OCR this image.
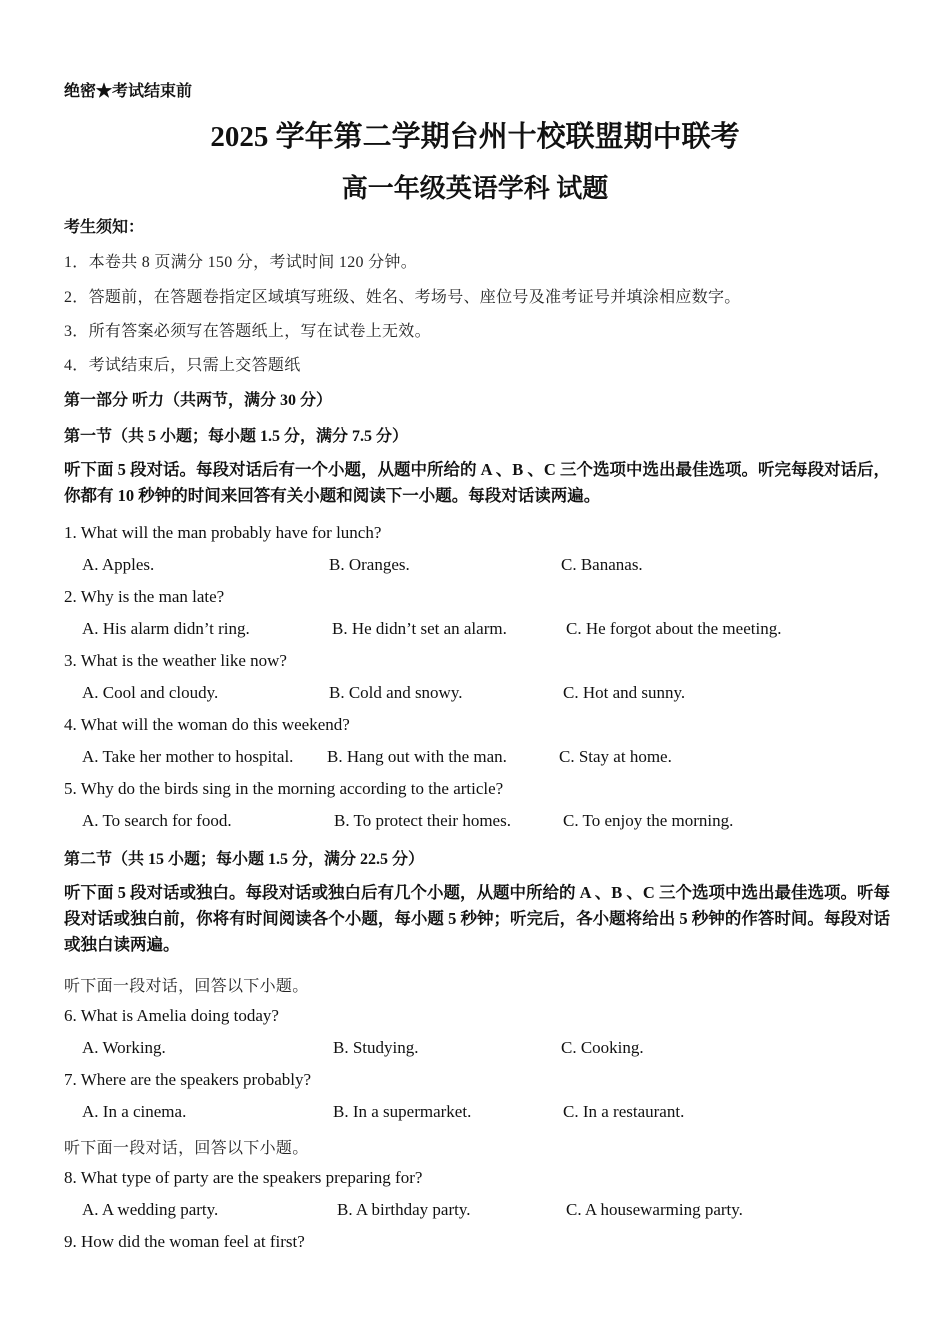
绝密★考试结束前
2025 学年第二学期台州十校联盟期中联考
高一年级英语学科 试题
考生须知：
1．本卷共 8 页满分 150 分，考试时间 120 分钟。
2．答题前，在答题卷指定区域填写班级、姓名、考场号、座位号及准考证号并填涂相应数字。
3．所有答案必须写在答题纸上，写在试卷上无效。
4．考试结束后，只需上交答题纸
第一部分 听力（共两节，满分 30 分）
第一节（共 5 小题；每小题 1.5 分，满分 7.5 分）
听下面 5 段对话。每段对话后有一个小题，从题中所给的 A 、B 、C 三个选项中选出最佳选项。听完每段对话后，你都有 10 秒钟的时间来回答有关小题和阅读下一小题。每段对话读两遍。
1. What will the man probably have for lunch?
A. Apples.	B. Oranges.	C. Bananas.
2. Why is the man late?
A. His alarm didn’t ring.	B. He didn’t set an alarm.	C. He forgot about the meeting.
3. What is the weather like now?
A. Cool and cloudy.	B. Cold and snowy.	C. Hot and sunny.
4. What will the woman do this weekend?
A. Take her mother to hospital. B. Hang out with the man.	C. Stay at home.
5. Why do the birds sing in the morning according to the article?
A. To search for food.	B. To protect their homes.	C. To enjoy the morning.
第二节（共 15 小题；每小题 1.5 分，满分 22.5 分）
听下面 5 段对话或独白。每段对话或独白后有几个小题，从题中所给的 A 、B 、C 三个选项中选出最佳选项。听每段对话或独白前，你将有时间阅读各个小题，每小题 5 秒钟；听完后，各小题将给出 5 秒钟的作答时间。每段对话或独白读两遍。
听下面一段对话，回答以下小题。
6. What is Amelia doing today?
A. Working.	B. Studying.	C. Cooking.
7. Where are the speakers probably?
A. In a cinema.	B. In a supermarket.	C. In a restaurant.
听下面一段对话，回答以下小题。
8. What type of party are the speakers preparing for?
A. A wedding party.	B. A birthday party.	C. A housewarming party.
9. How did the woman feel at first?
